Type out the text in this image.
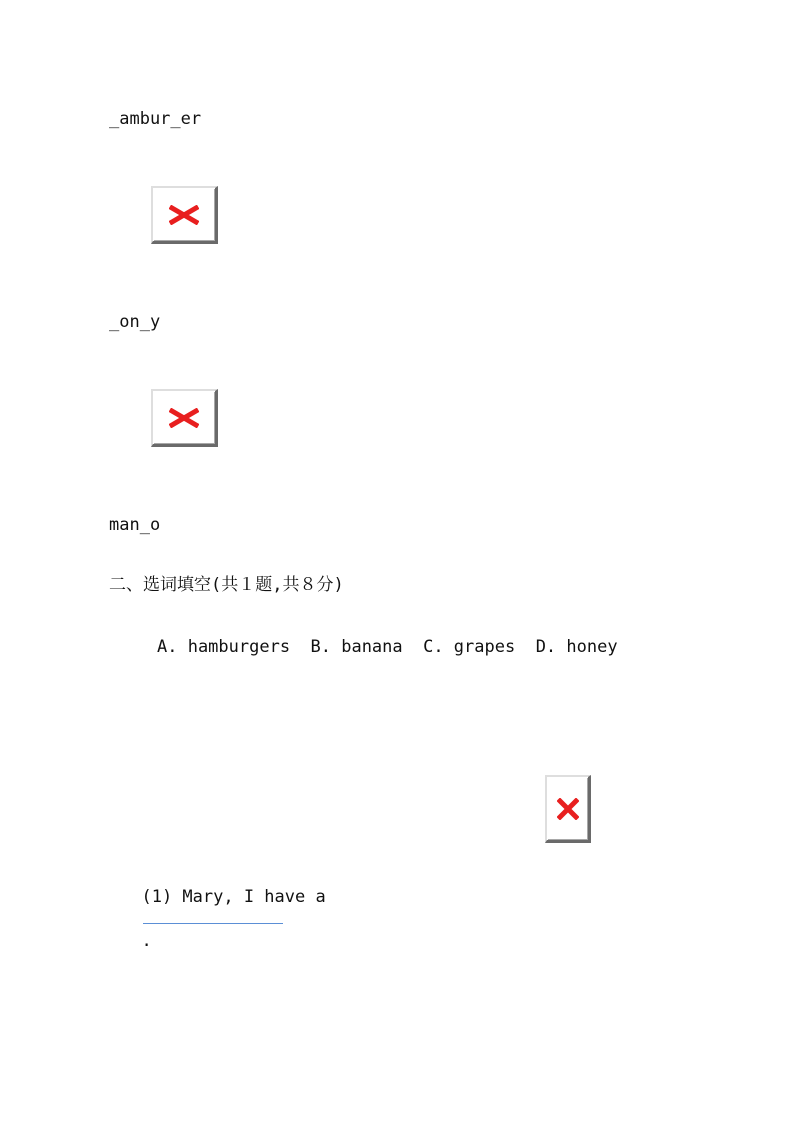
_ambur_er
_on_y
man_o
二、选词填空(共１题,共８分)
A. hamburgers  B. banana  C. grapes  D. honey

(1) Mary, I have a

.
